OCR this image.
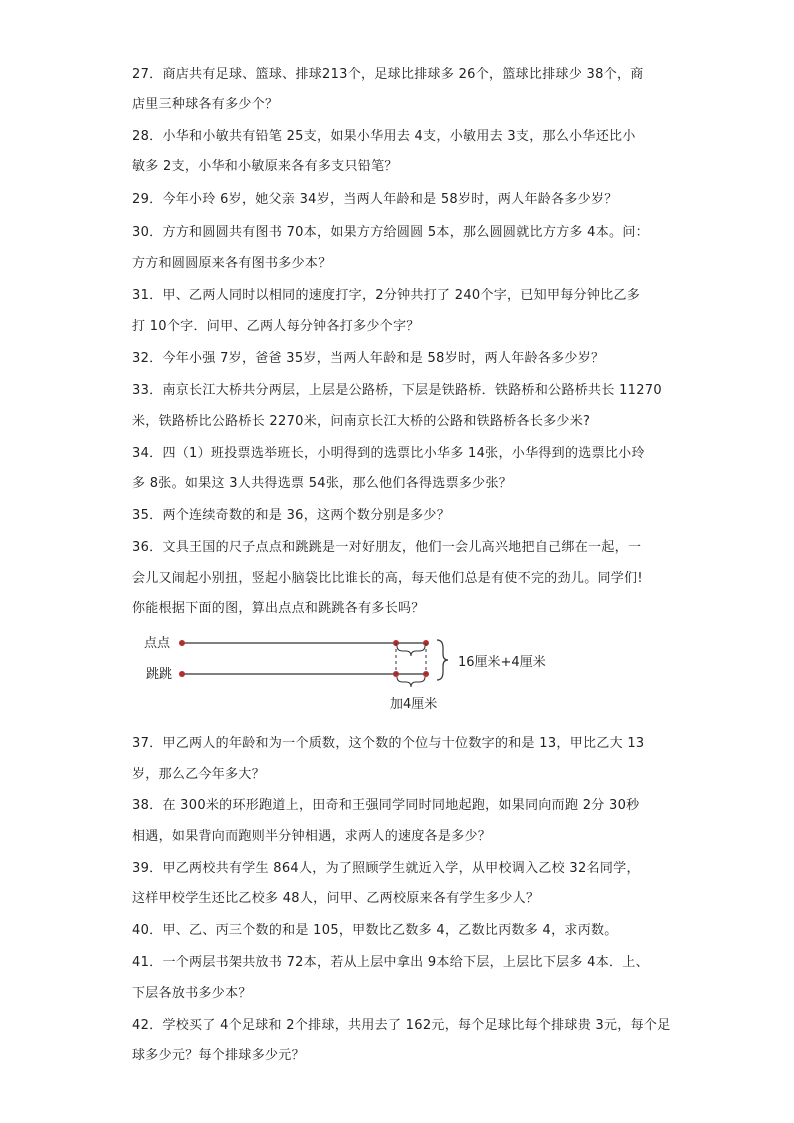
27．商店共有足球、篮球、排球213个，足球比排球多 26个，篮球比排球少 38个，商
店里三种球各有多少个？
28．小华和小敏共有铅笔 25支，如果小华用去 4支，小敏用去 3支，那么小华还比小
敏多 2支，小华和小敏原来各有多支只铅笔？
29．今年小玲 6岁，她父亲 34岁，当两人年龄和是 58岁时，两人年龄各多少岁？
30．方方和圆圆共有图书 70本，如果方方给圆圆 5本，那么圆圆就比方方多 4本。问：
方方和圆圆原来各有图书多少本？
31．甲、乙两人同时以相同的速度打字，2分钟共打了 240个字，已知甲每分钟比乙多
打 10个字．问甲、乙两人每分钟各打多少个字？
32．今年小强 7岁，爸爸 35岁，当两人年龄和是 58岁时，两人年龄各多少岁？
33．南京长江大桥共分两层，上层是公路桥，下层是铁路桥．铁路桥和公路桥共长 11270
米，铁路桥比公路桥长 2270米，问南京长江大桥的公路和铁路桥各长多少米?
34．四（1）班投票选举班长，小明得到的选票比小华多 14张，小华得到的选票比小玲
多 8张。如果这 3人共得选票 54张，那么他们各得选票多少张？
35．两个连续奇数的和是 36，这两个数分别是多少？
36．文具王国的尺子点点和跳跳是一对好朋友，他们一会儿高兴地把自己绑在一起，一
会儿又闹起小别扭，竖起小脑袋比比谁长的高，每天他们总是有使不完的劲儿。同学们!
你能根据下面的图，算出点点和跳跳各有多长吗？
37．甲乙两人的年龄和为一个质数，这个数的个位与十位数字的和是 13，甲比乙大 13
岁，那么乙今年多大？
38．在 300米的环形跑道上，田奇和王强同学同时同地起跑，如果同向而跑 2分 30秒
相遇，如果背向而跑则半分钟相遇，求两人的速度各是多少？
39．甲乙两校共有学生 864人，为了照顾学生就近入学，从甲校调入乙校 32名同学，
这样甲校学生还比乙校多 48人，问甲、乙两校原来各有学生多少人？
40．甲、乙、丙三个数的和是 105，甲数比乙数多 4，乙数比丙数多 4，求丙数。
41．一个两层书架共放书 72本，若从上层中拿出 9本给下层，上层比下层多 4本．上、
下层各放书多少本？
42．学校买了 4个足球和 2个排球，共用去了 162元，每个足球比每个排球贵 3元，每个足
球多少元？每个排球多少元？
点点
跳跳
16厘米+4厘米
加4厘米
